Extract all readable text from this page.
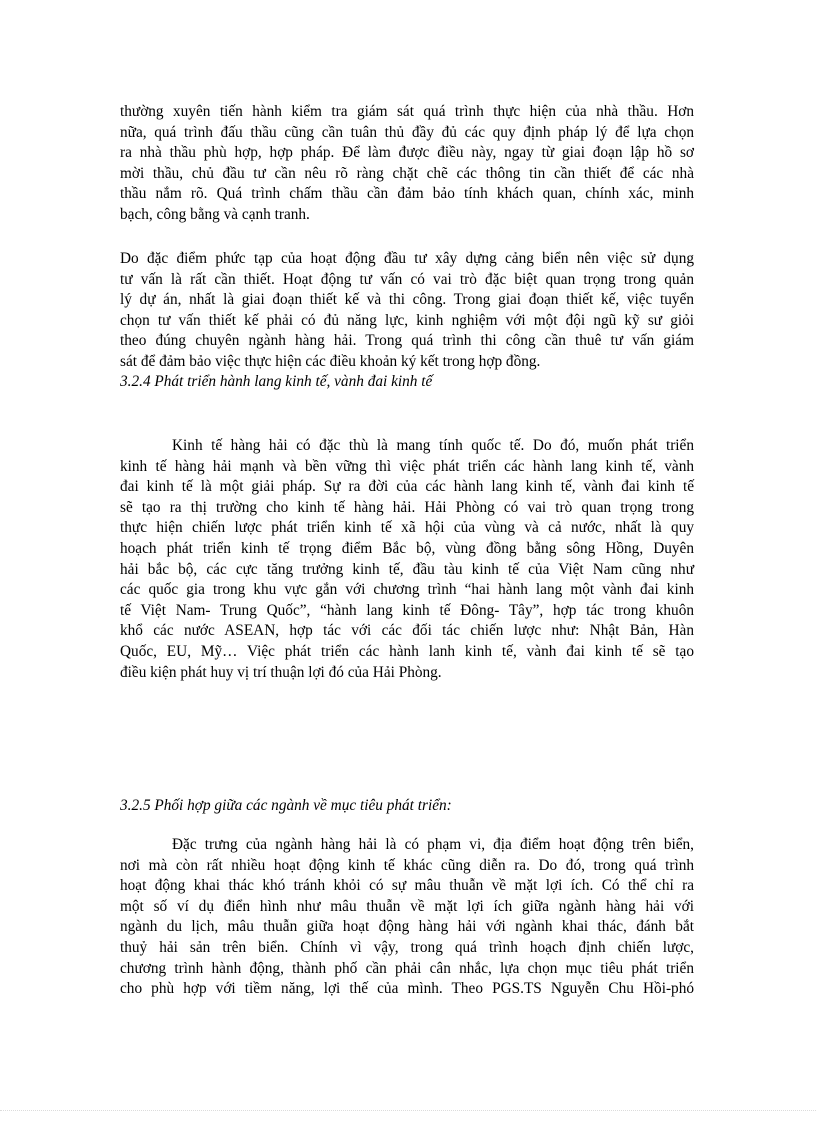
thường xuyên tiến hành kiểm tra giám sát quá trình thực hiện của nhà thầu. Hơn
nữa, quá trình đấu thầu cũng cần tuân thủ đầy đủ các quy định pháp lý để lựa chọn
ra nhà thầu phù hợp, hợp pháp. Để làm được điều này, ngay từ giai đoạn lập hồ sơ
mời thầu, chủ đầu tư cần nêu rõ ràng chặt chẽ các thông tin cần thiết để các nhà
thầu nắm rõ. Quá trình chấm thầu cần đảm bảo tính khách quan, chính xác, minh
bạch, công bằng và cạnh tranh.
Do đặc điểm phức tạp của hoạt động đầu tư xây dựng cảng biển nên việc sử dụng
tư vấn là rất cần thiết. Hoạt động tư vấn có vai trò đặc biệt quan trọng trong quản
lý dự án, nhất là giai đoạn thiết kế và thi công. Trong giai đoạn thiết kế, việc tuyển
chọn tư vấn thiết kế phải có đủ năng lực, kinh nghiệm với một đội ngũ kỹ sư giỏi
theo đúng chuyên ngành hàng hải. Trong quá trình thi công cần thuê tư vấn giám
sát để đảm bảo việc thực hiện các điều khoản ký kết trong hợp đồng.
3.2.4 Phát triển hành lang kinh tế, vành đai kinh tế
Kinh tế hàng hải có đặc thù là mang tính quốc tế. Do đó, muốn phát triển
kinh tế hàng hải mạnh và bền vững thì việc phát triển các hành lang kinh tế, vành
đai kinh tế là một giải pháp. Sự ra đời của các hành lang kinh tế, vành đai kinh tế
sẽ tạo ra thị trường cho kinh tế hàng hải. Hải Phòng có vai trò quan trọng trong
thực hiện chiến lược phát triển kinh tế xã hội của vùng và cả nước, nhất là quy
hoạch phát triển kinh tế trọng điểm Bắc bộ, vùng đồng bằng sông Hồng, Duyên
hải bắc bộ, các cực tăng trưởng kinh tế, đầu tàu kinh tế của Việt Nam cũng như
các quốc gia trong khu vực gắn với chương trình “hai hành lang một vành đai kinh
tế Việt Nam- Trung Quốc”, “hành lang kinh tế Đông- Tây”, hợp tác trong khuôn
khổ các nước ASEAN, hợp tác với các đối tác chiến lược như: Nhật Bản, Hàn
Quốc, EU, Mỹ… Việc phát triển các hành lanh kinh tế, vành đai kinh tế sẽ tạo
điều kiện phát huy vị trí thuận lợi đó của Hải Phòng.
3.2.5 Phối hợp giữa các ngành về mục tiêu phát triển:
Đặc trưng của ngành hàng hải là có phạm vi, địa điểm hoạt động trên biển,
nơi mà còn rất nhiều hoạt động kinh tế khác cũng diễn ra. Do đó, trong quá trình
hoạt động khai thác khó tránh khỏi có sự mâu thuẫn về mặt lợi ích. Có thể chỉ ra
một số ví dụ điển hình như mâu thuẫn về mặt lợi ích giữa ngành hàng hải với
ngành du lịch, mâu thuẫn giữa hoạt động hàng hải với ngành khai thác, đánh bắt
thuỷ hải sản trên biển. Chính vì vậy, trong quá trình hoạch định chiến lược,
chương trình hành động, thành phố cần phải cân nhắc, lựa chọn mục tiêu phát triển
cho phù hợp với tiềm năng, lợi thế của mình. Theo PGS.TS Nguyễn Chu Hồi-phó
